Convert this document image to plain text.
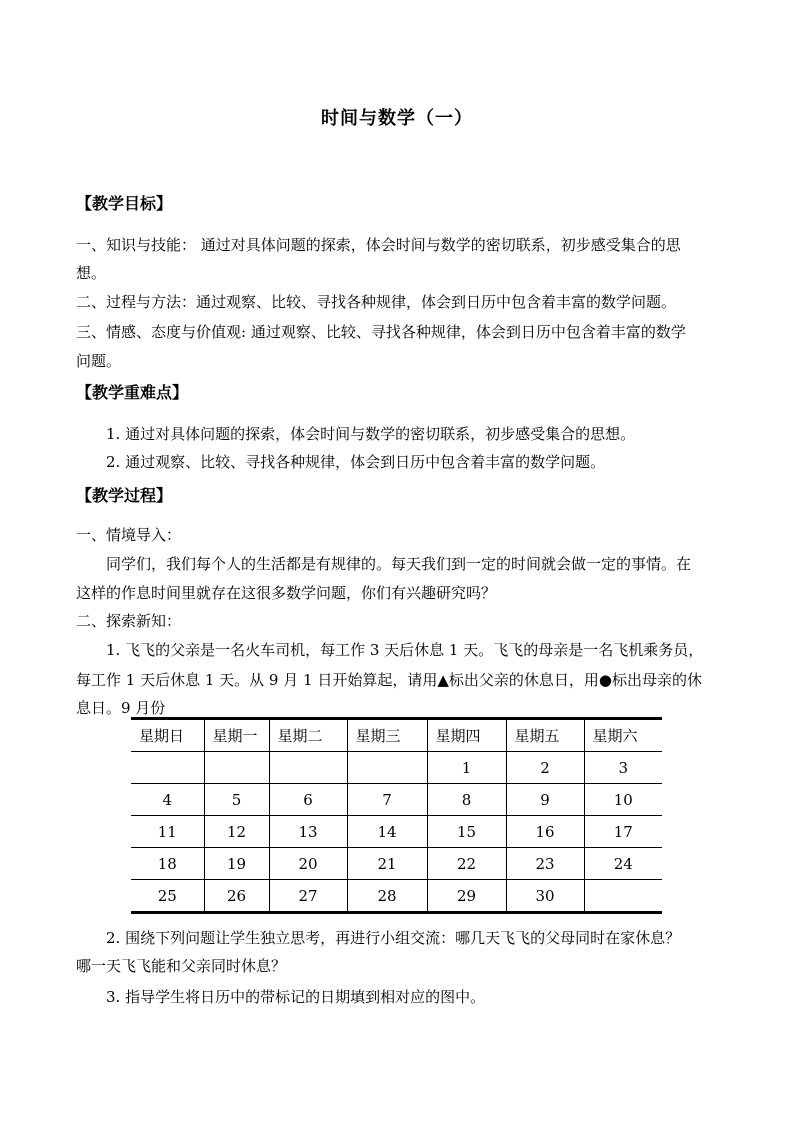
时间与数学（一）
【教学目标】
一、知识与技能： 通过对具体问题的探索，体会时间与数学的密切联系，初步感受集合的思
想。
二、过程与方法：通过观察、比较、寻找各种规律，体会到日历中包含着丰富的数学问题。
三、情感、态度与价值观: 通过观察、比较、寻找各种规律，体会到日历中包含着丰富的数学
问题。
【教学重难点】
1. 通过对具体问题的探索，体会时间与数学的密切联系，初步感受集合的思想。
2. 通过观察、比较、寻找各种规律，体会到日历中包含着丰富的数学问题。
【教学过程】
一、情境导入：
同学们，我们每个人的生活都是有规律的。每天我们到一定的时间就会做一定的事情。在
这样的作息时间里就存在这很多数学问题，你们有兴趣研究吗？
二、探索新知：
1. 飞飞的父亲是一名火车司机，每工作 3 天后休息 1 天。飞飞的母亲是一名飞机乘务员，
每工作 1 天后休息 1 天。从 9 月 1 日开始算起，请用▲标出父亲的休息日，用●标出母亲的休
息日。9 月份
星期日	星期一	星期二	星期三	星期四	星期五	星期六
				1	2	3
4	5	6	7	8	9	10
11	12	13	14	15	16	17
18	19	20	21	22	23	24
25	26	27	28	29	30	
2. 围绕下列问题让学生独立思考，再进行小组交流：哪几天飞飞的父母同时在家休息？
哪一天飞飞能和父亲同时休息？
3. 指导学生将日历中的带标记的日期填到相对应的图中。
